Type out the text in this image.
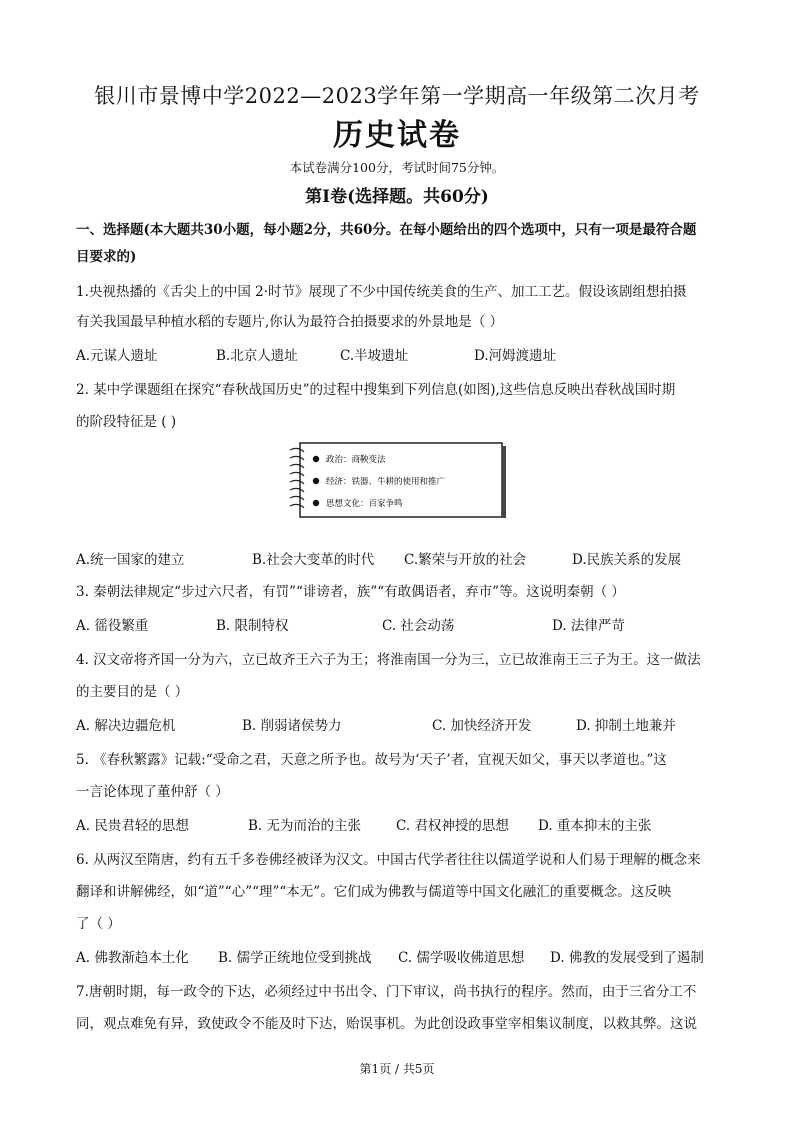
银川市景博中学2022—2023学年第一学期高一年级第二次月考
历史试卷
本试卷满分100分，考试时间75分钟。
第Ⅰ卷(选择题。共60分)
一、选择题(本大题共30小题，每小题2分，共60分。在每小题给出的四个选项中，只有一项是最符合题
目要求的)
1.央视热播的《舌尖上的中国 2·时节》展现了不少中国传统美食的生产、加工工艺。假设该剧组想拍摄
有关我国最早种植水稻的专题片,你认为最符合拍摄要求的外景地是（ ）
A.元谋人遗址	B.北京人遗址	C.半坡遗址	D.河姆渡遗址
2. 某中学课题组在探究“春秋战国历史”的过程中搜集到下列信息(如图),这些信息反映出春秋战国时期
的阶段特征是 ( )
政治：商鞅变法
经济：铁器、牛耕的使用和推广
思想文化：百家争鸣
A.统一国家的建立	B.社会大变革的时代 C.繁荣与开放的社会	D.民族关系的发展
3. 秦朝法律规定“步过六尺者，有罚”“诽谤者，族”“有敢偶语者，弃市”等。这说明秦朝（ ）
A. 徭役繁重	B. 限制特权	C. 社会动荡	D. 法律严苛
4. 汉文帝将齐国一分为六，立已故齐王六子为王；将淮南国一分为三，立已故淮南王三子为王。这一做法
的主要目的是（ ）
A. 解决边疆危机	B. 削弱诸侯势力	C. 加快经济开发	D. 抑制土地兼并
5. 《春秋繁露》记载:“受命之君，天意之所予也。故号为‘天子’者，宜视天如父，事天以孝道也。”这
一言论体现了董仲舒（ ）
A. 民贵君轻的思想	B. 无为而治的主张	C. 君权神授的思想 D. 重本抑末的主张
6. 从两汉至隋唐，约有五千多卷佛经被译为汉文。中国古代学者往往以儒道学说和人们易于理解的概念来
翻译和讲解佛经，如“道”“心”“理”“本无”。它们成为佛教与儒道等中国文化融汇的重要概念。这反映
了（ ）
A. 佛教渐趋本土化 B. 儒学正统地位受到挑战 C. 儒学吸收佛道思想 D. 佛教的发展受到了遏制
7.唐朝时期，每一政令的下达，必须经过中书出令、门下审议，尚书执行的程序。然而，由于三省分工不
同，观点难免有异，致使政令不能及时下达，贻误事机。为此创设政事堂宰相集议制度，以救其弊。这说
第1页 / 共5页
